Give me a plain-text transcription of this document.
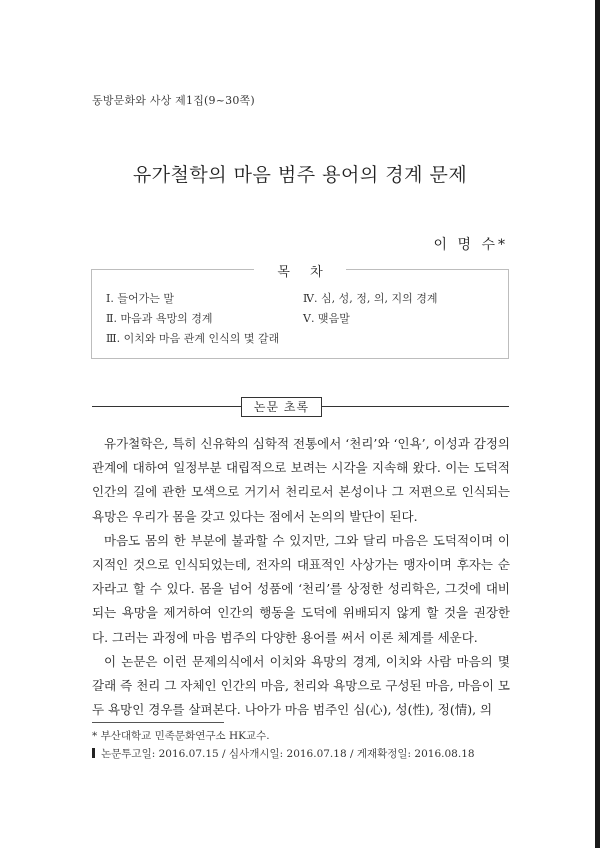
동방문화와 사상 제1집(9~30쪽)
유가철학의 마음 범주 용어의 경계 문제
이 명 수*
목 차
Ⅰ. 들어가는 말
Ⅱ. 마음과 욕망의 경계
Ⅲ. 이치와 마음 관계 인식의 몇 갈래
Ⅳ. 심, 성, 정, 의, 지의 경계
Ⅴ. 맺음말
논문 초록

유가철학은, 특히 신유학의 심학적 전통에서 ‘천리’와 ‘인욕’, 이성과 감정의 관계에 대하여 일정부분 대립적으로 보려는 시각을 지속해 왔다. 이는 도덕적 인간의 길에 관한 모색으로 거기서 천리로서 본성이나 그 저편으로 인식되는 욕망은 우리가 몸을 갖고 있다는 점에서 논의의 발단이 된다.

마음도 몸의 한 부분에 불과할 수 있지만, 그와 달리 마음은 도덕적이며 이지적인 것으로 인식되었는데, 전자의 대표적인 사상가는 맹자이며 후자는 순자라고 할 수 있다. 몸을 넘어 성품에 ‘천리’를 상정한 성리학은, 그것에 대비되는 욕망을 제거하여 인간의 행동을 도덕에 위배되지 않게 할 것을 권장한다. 그러는 과정에 마음 범주의 다양한 용어를 써서 이론 체계를 세운다.

이 논문은 이런 문제의식에서 이치와 욕망의 경계, 이치와 사람 마음의 몇 갈래 즉 천리 그 자체인 인간의 마음, 천리와 욕망으로 구성된 마음, 마음이 모두 욕망인 경우를 살펴본다. 나아가 마음 범주인 심(心), 성(性), 정(情), 의

* 부산대학교 민족문화연구소 HK교수.
논문투고일: 2016.07.15 / 심사개시일: 2016.07.18 / 게재확정일: 2016.08.18
